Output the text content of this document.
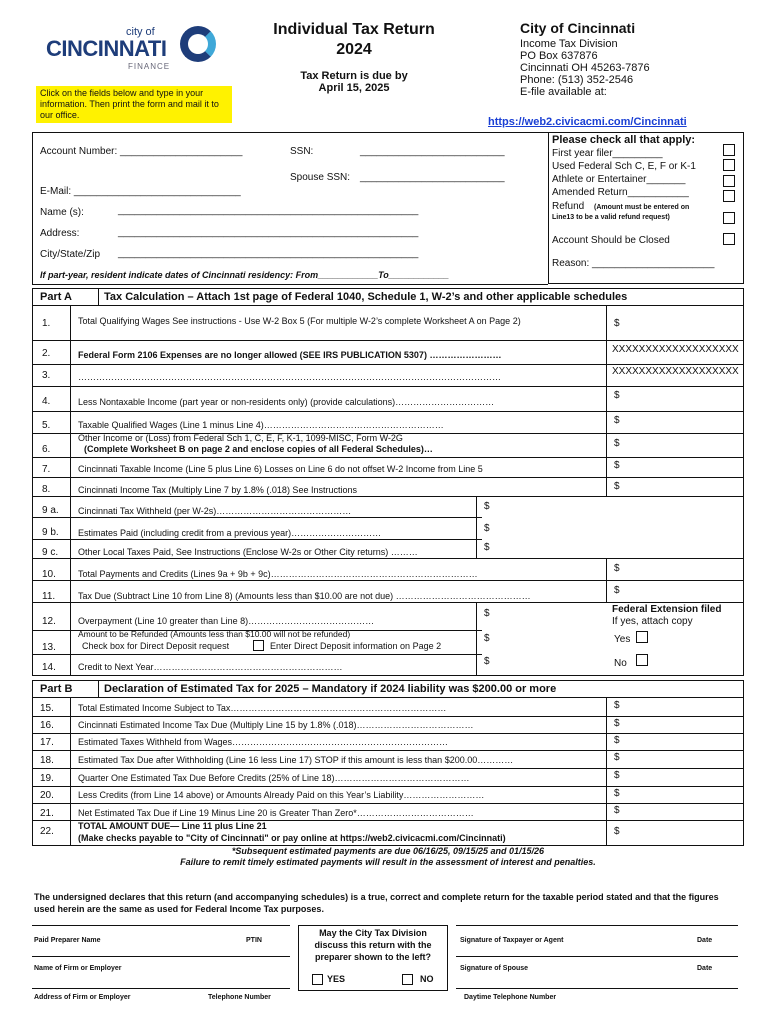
city of
CINCINNATI
FINANCE
Click on the fields below and type in your information. Then print the form and mail it to our office.
Individual Tax Return
2024
Tax Return is due by
April 15, 2025
City of Cincinnati
Income Tax Division
PO Box 637876
Cincinnati OH 45263-7876
Phone: (513) 352-2546
E-file available at:
https://web2.civicacmi.com/Cincinnati
Account Number: ______________________	SSN:	__________________________
Spouse SSN: __________________________
E-Mail: ______________________________
Name (s):	______________________________________________________
Address:	______________________________________________________
City/State/Zip ______________________________________________________
If part-year, resident indicate dates of Cincinnati residency: From____________To____________
Please check all that apply:
First year filer_________
Used Federal Sch C, E, F or K-1
Athlete or Entertainer_______
Amended Return___________
Refund (Amount must be entered on
Line13 to be a valid refund request)
Account Should be Closed
Reason: ______________________
Part A	Tax Calculation – Attach 1st page of Federal 1040, Schedule 1, W-2’s and other applicable schedules
1.	Total Qualifying Wages See instructions - Use W-2 Box 5 (For multiple W-2’s complete Worksheet A on Page 2)	$
2.	Federal Form 2106 Expenses are no longer allowed (SEE IRS PUBLICATION 5307) ……………………	XXXXXXXXXXXXXXXXXXX
3.	……………………………………………………………………………………………………………………………	XXXXXXXXXXXXXXXXXXX
4.	Less Nontaxable Income (part year or non-residents only) (provide calculations)……………………………
$
5.	Taxable Qualified Wages (Line 1 minus Line 4)……………………………………………………	$
6.
Other Income or (Loss) from Federal Sch 1, C, E, F, K-1, 1099-MISC, Form W-2G
(Complete Worksheet B on page 2 and enclose copies of all Federal Schedules)…	$
7.	Cincinnati Taxable Income (Line 5 plus Line 6) Losses on Line 6 do not offset W-2 Income from Line 5	$
8.	Cincinnati Income Tax (Multiply Line 7 by 1.8% (.018) See Instructions	$
9 a. Cincinnati Tax Withheld (per W-2s)………………………………………	$
9 b. Estimates Paid (including credit from a previous year)…………………………	$
9 c. Other Local Taxes Paid, See Instructions (Enclose W-2s or Other City returns) ………	$
10. Total Payments and Credits (Lines 9a + 9b + 9c)……………………………………………………………	$
11.	Tax Due (Subtract Line 10 from Line 8) (Amounts less than $10.00 are not due) ………………………………………	$
12. Overpayment (Line 10 greater than Line 8)……………………………………
$
13.
Amount to be Refunded (Amounts less than $10.00 will not be refunded)
Check box for Direct Deposit request	Enter Direct Deposit information on Page 2
$
14. Credit to Next Year………………………………………………………	$
Federal Extension filed
If yes, attach copy
Yes
No
Part B	Declaration of Estimated Tax for 2025 – Mandatory if 2024 liability was $200.00 or more
15.	Total Estimated Income Subject to Tax………………………………………………………………	$
16.	Cincinnati Estimated Income Tax Due (Multiply Line 15 by 1.8% (.018)…………………………………	$
17.	Estimated Taxes Withheld from Wages………………………………………………………………	$
18.	Estimated Tax Due after Withholding (Line 16 less Line 17) STOP if this amount is less than $200.00…………	$
19.	Quarter One Estimated Tax Due Before Credits (25% of Line 18)………………………………………	$
20.	Less Credits (from Line 14 above) or Amounts Already Paid on this Year’s Liability………………………	$
21.	Net Estimated Tax Due if Line 19 Minus Line 20 is Greater Than Zero*…………………………………	$
22.	TOTAL AMOUNT DUE— Line 11 plus Line 21
(Make checks payable to "City of Cincinnati" or pay online at https://web2.civicacmi.com/Cincinnati)
$
*Subsequent estimated payments are due 06/16/25, 09/15/25 and 01/15/26
Failure to remit timely estimated payments will result in the assessment of interest and penalties.
The undersigned declares that this return (and accompanying schedules) is a true, correct and complete return for the taxable period stated and that the figures used herein are the same as used for Federal Income Tax purposes.
Paid Preparer Name	PTIN
Name of Firm or Employer
Address of Firm or Employer	Telephone Number
May the City Tax Division discuss this return with the preparer shown to the left?
YES	NO
Signature of Taxpayer or Agent	Date
Signature of Spouse	Date
Daytime Telephone Number
